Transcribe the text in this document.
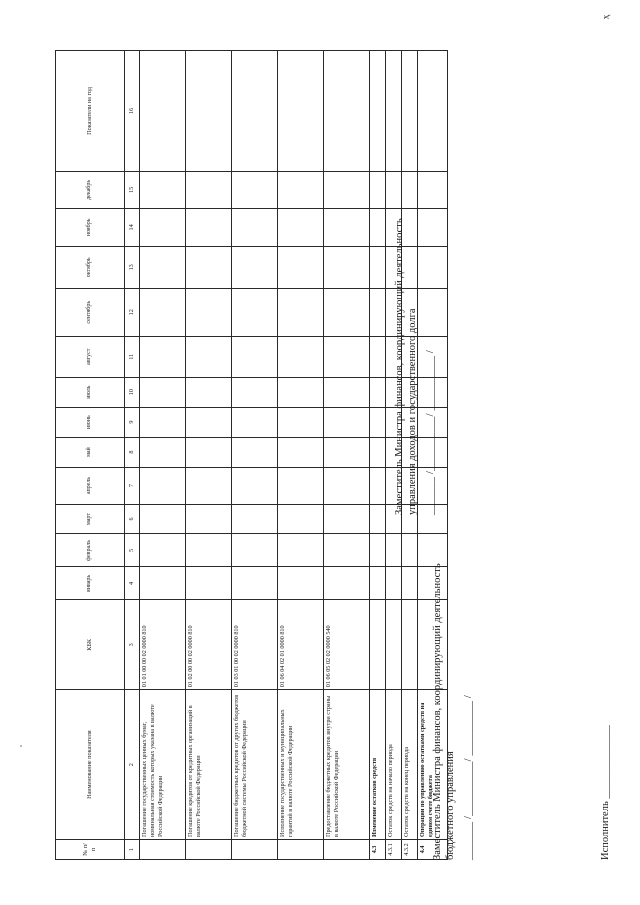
№ п/п	Наименование показателя	КБК	январь	февраль	март	апрель	май	июнь	июль	август	сентябрь	октябрь	ноябрь	декабрь	Показатели на год
1	2	3	4	5	6	7	8	9	10	11	12	13	14	15	16
	Погашение государственных ценных бумаг, номинальная стоимость которых указана в валюте Российской Федерации	01 01 00 00 02 0000 810													
	Погашение кредитов от кредитных организаций в валюте Российской Федерации	01 02 00 00 02 0000 810													
	Погашение бюджетных кредитов от других бюджетов бюджетной системы Российской Федерации	01 03 01 00 02 0000 810													
	Исполнение государственных и муниципальных гарантий в валюте Российской Федерации	01 06 04 02 01 0000 810													
	Предоставление бюджетных кредитов внутри страны в валюте Российской Федерации	01 06 05 02 02 0000 540													
4.3	Изменение остатков средств														
4.3.1	Остаток средств на начало периода														
4.3.2	Остаток средств на конец периода														
4.4	Операции по управлению остатками средств на едином счете бюджета														
Заместитель Министра финансов, координирующий деятельность бюджетного управления _______ /__________/ __________ /
Заместитель Министра финансов, координирующий деятельность управления доходов и государственного долга _______ /__________/ __________ /
Исполнитель ______________
ҳ
